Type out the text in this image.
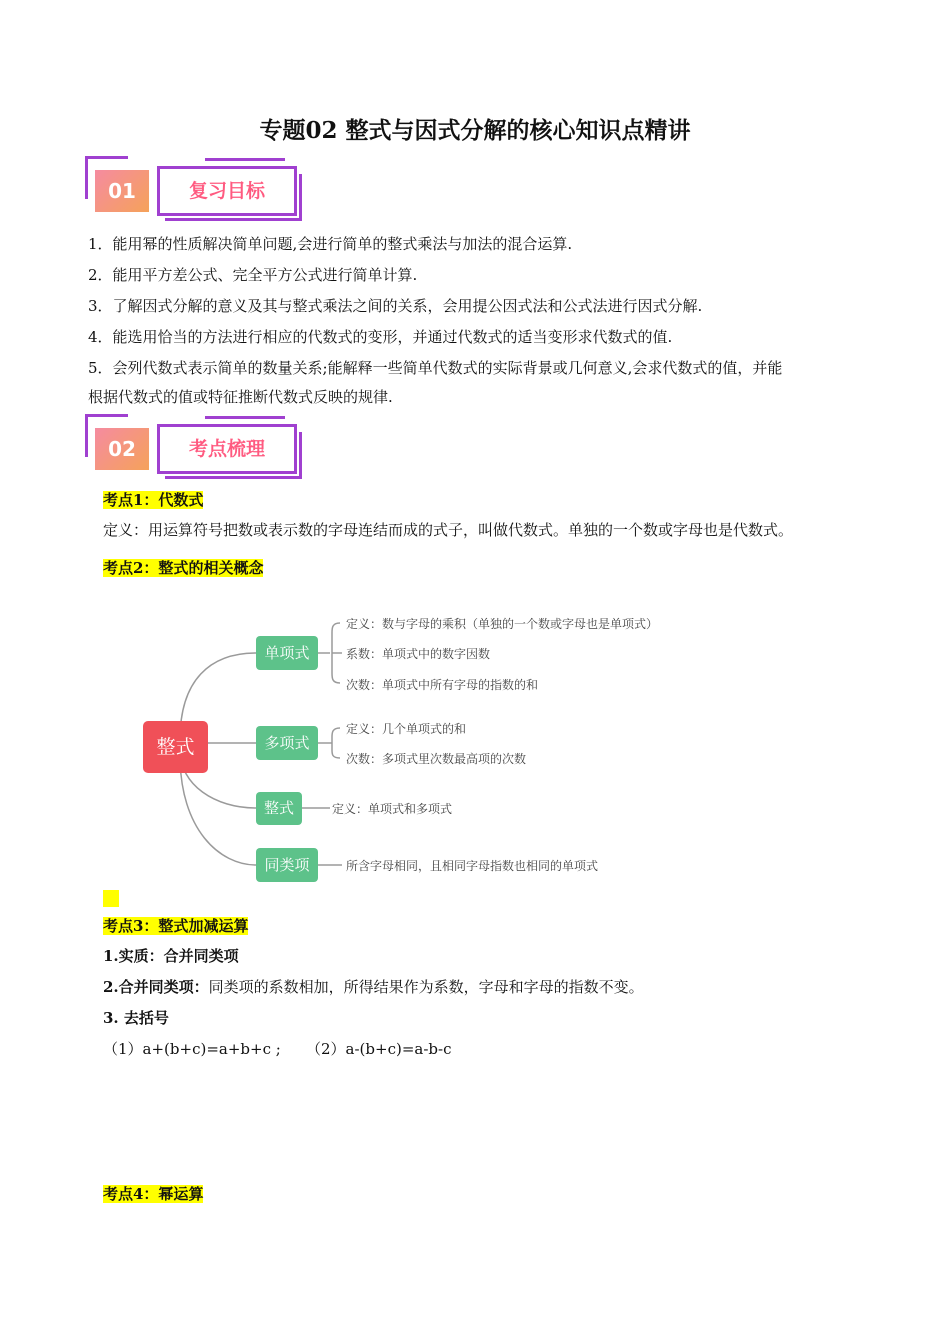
专题02 整式与因式分解的核心知识点精讲
01	复习目标
1．能用幂的性质解决简单问题,会进行简单的整式乘法与加法的混合运算.
2．能用平方差公式、完全平方公式进行简单计算.
3．了解因式分解的意义及其与整式乘法之间的关系，会用提公因式法和公式法进行因式分解.
4．能选用恰当的方法进行相应的代数式的变形，并通过代数式的适当变形求代数式的值.
5．会列代数式表示简单的数量关系;能解释一些简单代数式的实际背景或几何意义,会求代数式的值，并能
根据代数式的值或特征推断代数式反映的规律.
02	考点梳理
考点1：代数式
定义：用运算符号把数或表示数的字母连结而成的式子，叫做代数式。单独的一个数或字母也是代数式。
考点2：整式的相关概念
整式
单项式
多项式
整式
同类项
定义：数与字母的乘积（单独的一个数或字母也是单项式）
系数：单项式中的数字因数
次数：单项式中所有字母的指数的和
定义：几个单项式的和
次数：多项式里次数最高项的次数
定义：单项式和多项式
所含字母相同，且相同字母指数也相同的单项式
考点3：整式加减运算
1.实质：合并同类项
2.合并同类项：同类项的系数相加，所得结果作为系数，字母和字母的指数不变。
3. 去括号
（1）a+(b+c)=a+b+c ; （2）a-(b+c)=a-b-c
考点4：幂运算
